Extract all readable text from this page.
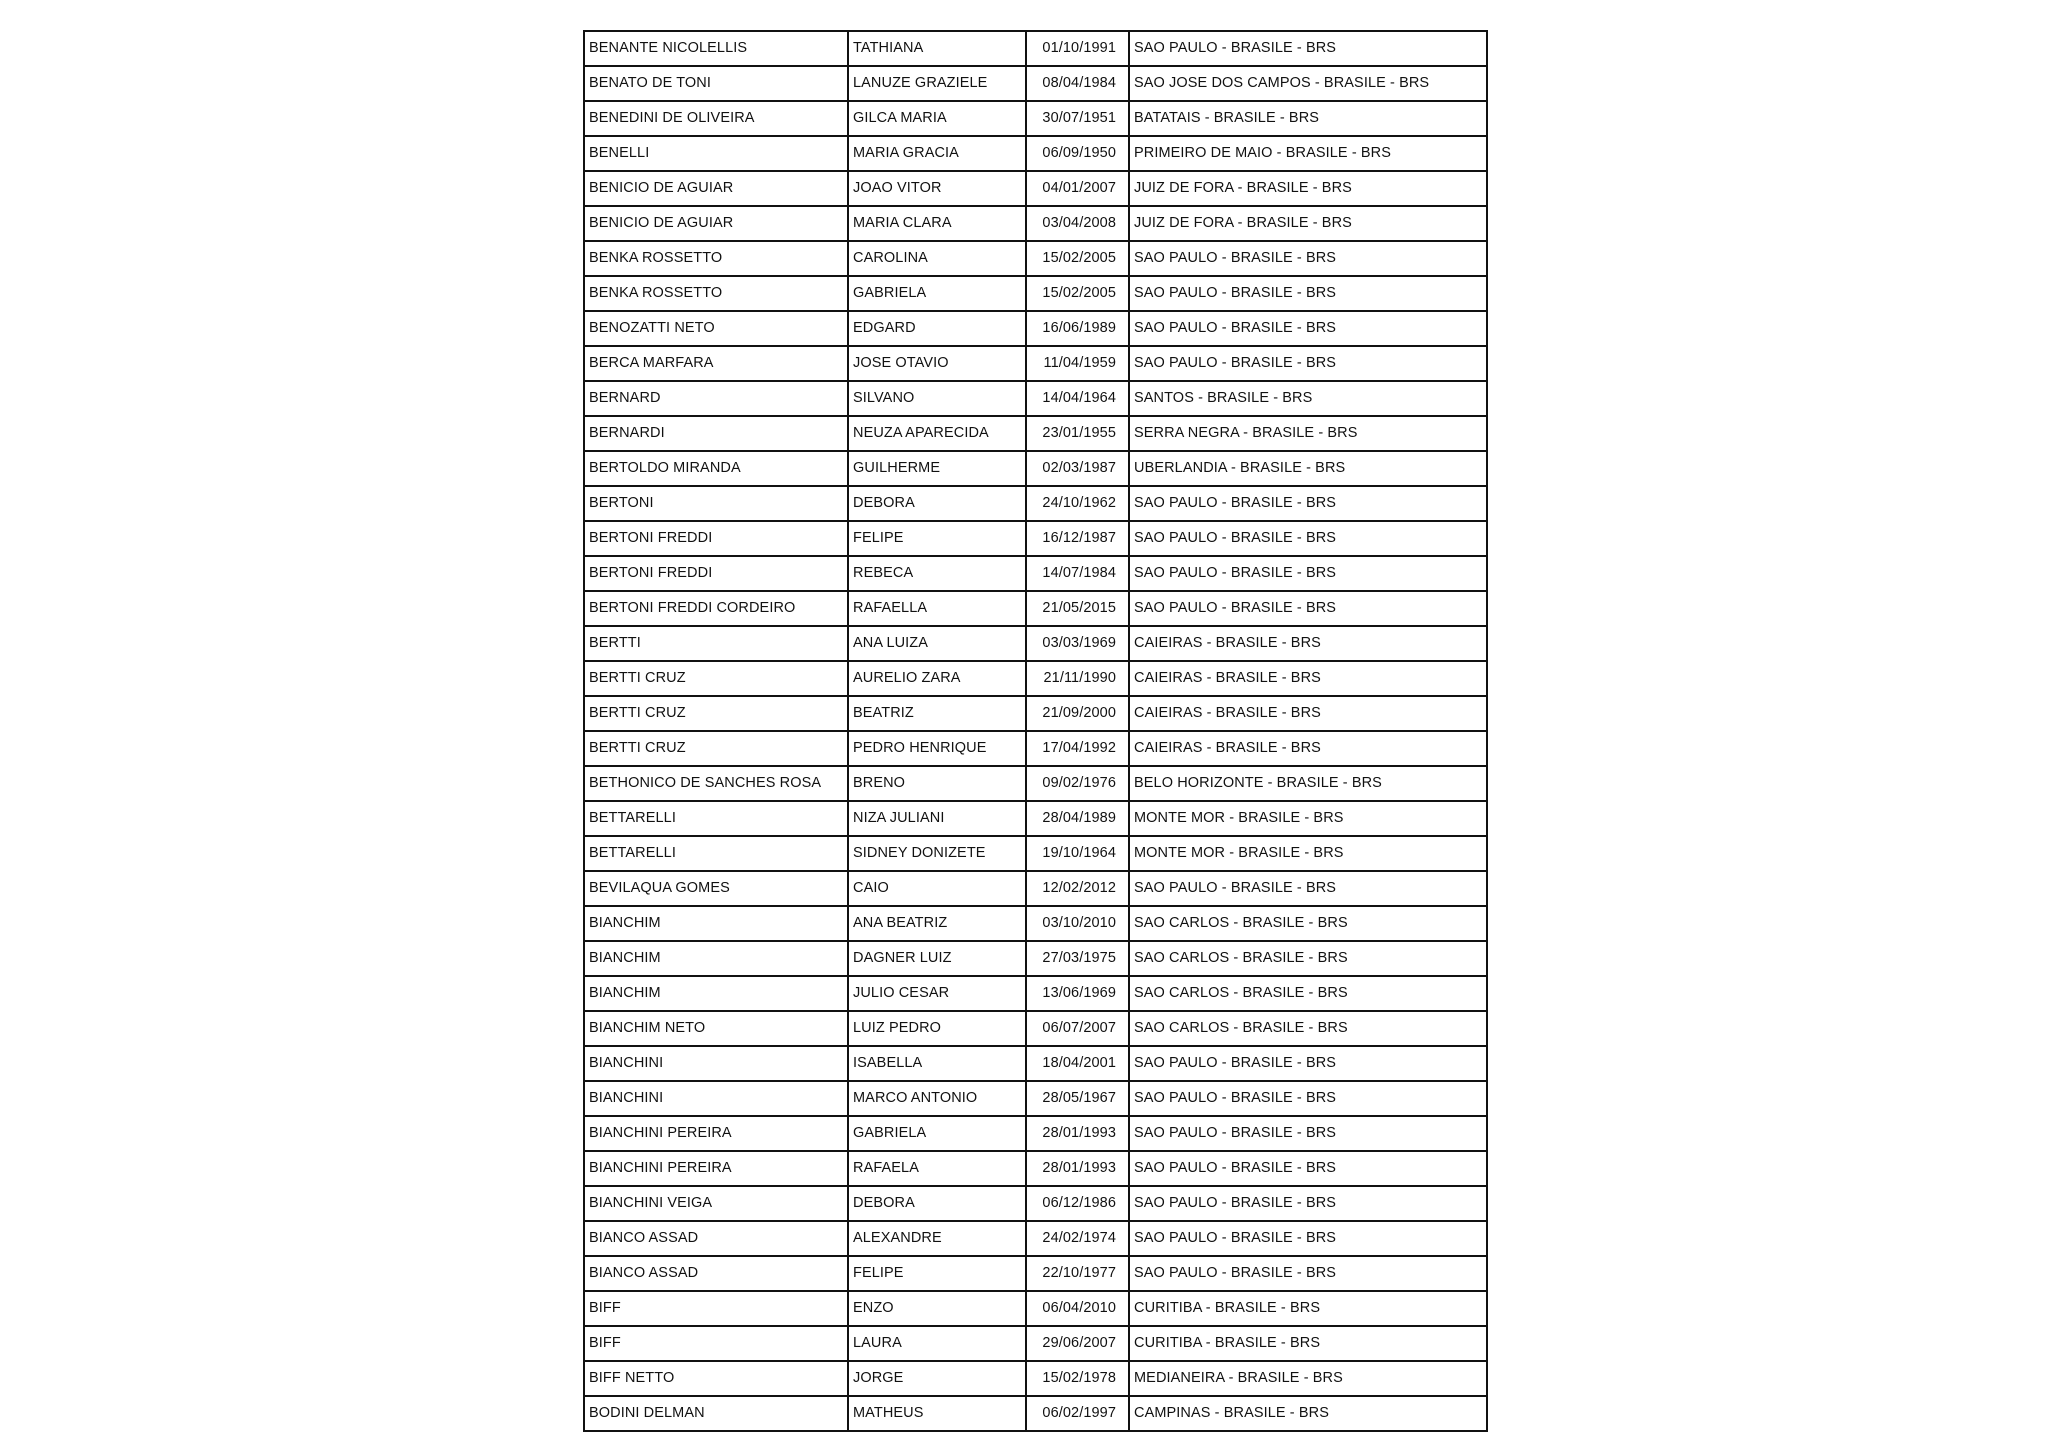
BENANTE NICOLELLIS	TATHIANA	01/10/1991	SAO PAULO - BRASILE - BRS
BENATO DE TONI	LANUZE GRAZIELE	08/04/1984	SAO JOSE DOS CAMPOS - BRASILE - BRS
BENEDINI DE OLIVEIRA	GILCA MARIA	30/07/1951	BATATAIS - BRASILE - BRS
BENELLI	MARIA GRACIA	06/09/1950	PRIMEIRO DE MAIO - BRASILE - BRS
BENICIO DE AGUIAR	JOAO VITOR	04/01/2007	JUIZ DE FORA - BRASILE - BRS
BENICIO DE AGUIAR	MARIA CLARA	03/04/2008	JUIZ DE FORA - BRASILE - BRS
BENKA ROSSETTO	CAROLINA	15/02/2005	SAO PAULO - BRASILE - BRS
BENKA ROSSETTO	GABRIELA	15/02/2005	SAO PAULO - BRASILE - BRS
BENOZATTI NETO	EDGARD	16/06/1989	SAO PAULO - BRASILE - BRS
BERCA MARFARA	JOSE OTAVIO	11/04/1959	SAO PAULO - BRASILE - BRS
BERNARD	SILVANO	14/04/1964	SANTOS - BRASILE - BRS
BERNARDI	NEUZA APARECIDA	23/01/1955	SERRA NEGRA - BRASILE - BRS
BERTOLDO MIRANDA	GUILHERME	02/03/1987	UBERLANDIA - BRASILE - BRS
BERTONI	DEBORA	24/10/1962	SAO PAULO - BRASILE - BRS
BERTONI FREDDI	FELIPE	16/12/1987	SAO PAULO - BRASILE - BRS
BERTONI FREDDI	REBECA	14/07/1984	SAO PAULO - BRASILE - BRS
BERTONI FREDDI CORDEIRO	RAFAELLA	21/05/2015	SAO PAULO - BRASILE - BRS
BERTTI	ANA LUIZA	03/03/1969	CAIEIRAS - BRASILE - BRS
BERTTI CRUZ	AURELIO ZARA	21/11/1990	CAIEIRAS - BRASILE - BRS
BERTTI CRUZ	BEATRIZ	21/09/2000	CAIEIRAS - BRASILE - BRS
BERTTI CRUZ	PEDRO HENRIQUE	17/04/1992	CAIEIRAS - BRASILE - BRS
BETHONICO DE SANCHES ROSA	BRENO	09/02/1976	BELO HORIZONTE - BRASILE - BRS
BETTARELLI	NIZA JULIANI	28/04/1989	MONTE MOR - BRASILE - BRS
BETTARELLI	SIDNEY DONIZETE	19/10/1964	MONTE MOR - BRASILE - BRS
BEVILAQUA GOMES	CAIO	12/02/2012	SAO PAULO - BRASILE - BRS
BIANCHIM	ANA BEATRIZ	03/10/2010	SAO CARLOS - BRASILE - BRS
BIANCHIM	DAGNER LUIZ	27/03/1975	SAO CARLOS - BRASILE - BRS
BIANCHIM	JULIO CESAR	13/06/1969	SAO CARLOS - BRASILE - BRS
BIANCHIM NETO	LUIZ PEDRO	06/07/2007	SAO CARLOS - BRASILE - BRS
BIANCHINI	ISABELLA	18/04/2001	SAO PAULO - BRASILE - BRS
BIANCHINI	MARCO ANTONIO	28/05/1967	SAO PAULO - BRASILE - BRS
BIANCHINI PEREIRA	GABRIELA	28/01/1993	SAO PAULO - BRASILE - BRS
BIANCHINI PEREIRA	RAFAELA	28/01/1993	SAO PAULO - BRASILE - BRS
BIANCHINI VEIGA	DEBORA	06/12/1986	SAO PAULO - BRASILE - BRS
BIANCO ASSAD	ALEXANDRE	24/02/1974	SAO PAULO - BRASILE - BRS
BIANCO ASSAD	FELIPE	22/10/1977	SAO PAULO - BRASILE - BRS
BIFF	ENZO	06/04/2010	CURITIBA - BRASILE - BRS
BIFF	LAURA	29/06/2007	CURITIBA - BRASILE - BRS
BIFF NETTO	JORGE	15/02/1978	MEDIANEIRA - BRASILE - BRS
BODINI DELMAN	MATHEUS	06/02/1997	CAMPINAS - BRASILE - BRS
